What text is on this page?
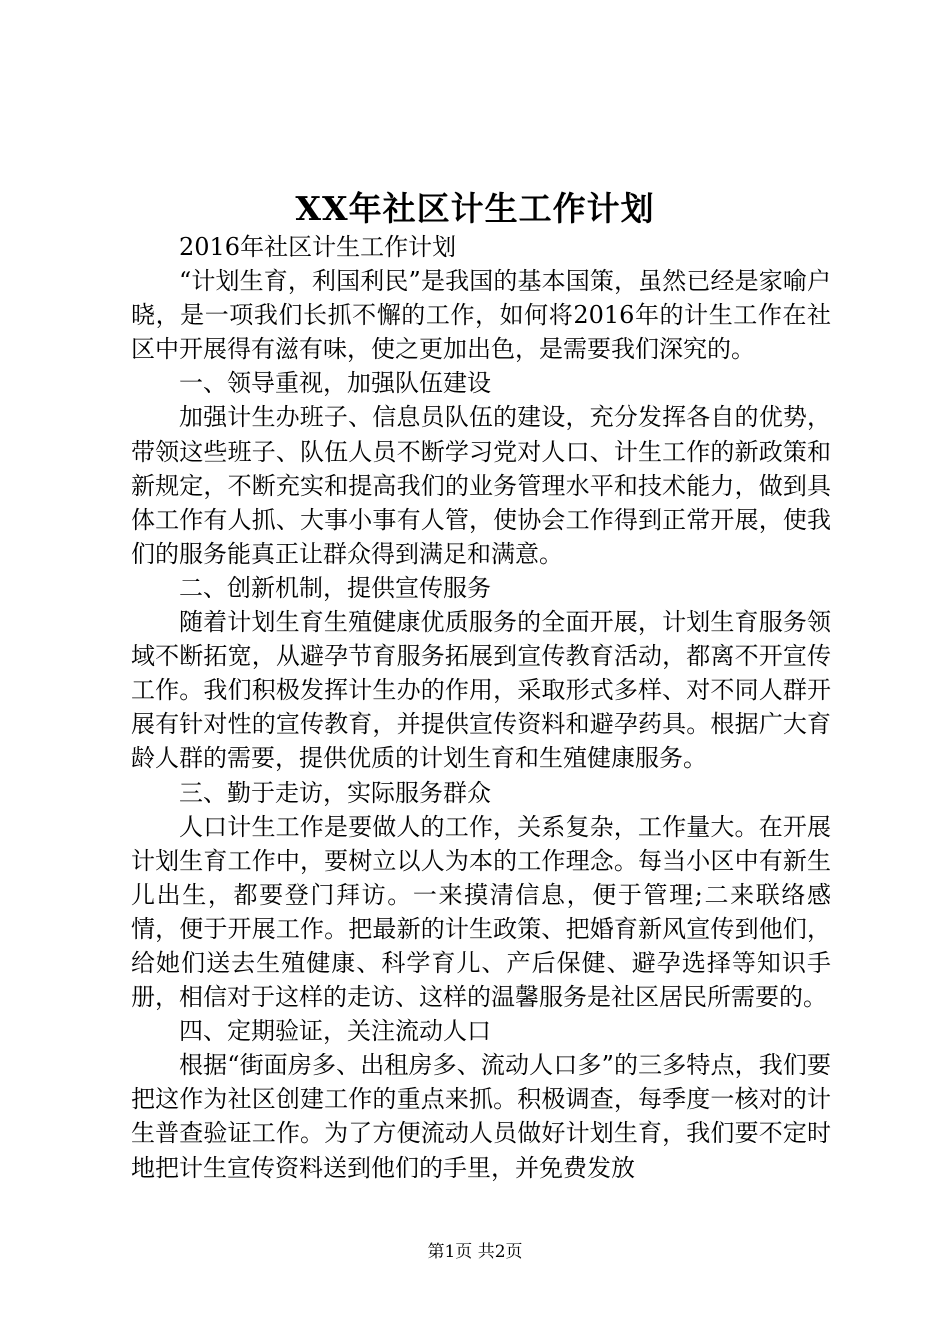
XX年社区计生工作计划

2016年社区计生工作计划

“计划生育，利国利民”是我国的基本国策，虽然已经是家喻户晓，是一项我们长抓不懈的工作，如何将2016年的计生工作在社区中开展得有滋有味，使之更加出色，是需要我们深究的。

一、领导重视，加强队伍建设

加强计生办班子、信息员队伍的建设，充分发挥各自的优势，带领这些班子、队伍人员不断学习党对人口、计生工作的新政策和新规定，不断充实和提高我们的业务管理水平和技术能力，做到具体工作有人抓、大事小事有人管，使协会工作得到正常开展，使我们的服务能真正让群众得到满足和满意。

二、创新机制，提供宣传服务

随着计划生育生殖健康优质服务的全面开展，计划生育服务领域不断拓宽，从避孕节育服务拓展到宣传教育活动，都离不开宣传工作。我们积极发挥计生办的作用，采取形式多样、对不同人群开展有针对性的宣传教育，并提供宣传资料和避孕药具。根据广大育龄人群的需要，提供优质的计划生育和生殖健康服务。

三、勤于走访，实际服务群众

人口计生工作是要做人的工作，关系复杂，工作量大。在开展计划生育工作中，要树立以人为本的工作理念。每当小区中有新生儿出生，都要登门拜访。一来摸清信息，便于管理;二来联络感情，便于开展工作。把最新的计生政策、把婚育新风宣传到他们，给她们送去生殖健康、科学育儿、产后保健、避孕选择等知识手册，相信对于这样的走访、这样的温馨服务是社区居民所需要的。

四、定期验证，关注流动人口

根据“街面房多、出租房多、流动人口多”的三多特点，我们要把这作为社区创建工作的重点来抓。积极调查，每季度一核对的计生普查验证工作。为了方便流动人员做好计划生育，我们要不定时地把计生宣传资料送到他们的手里，并免费发放

第1页 共2页
